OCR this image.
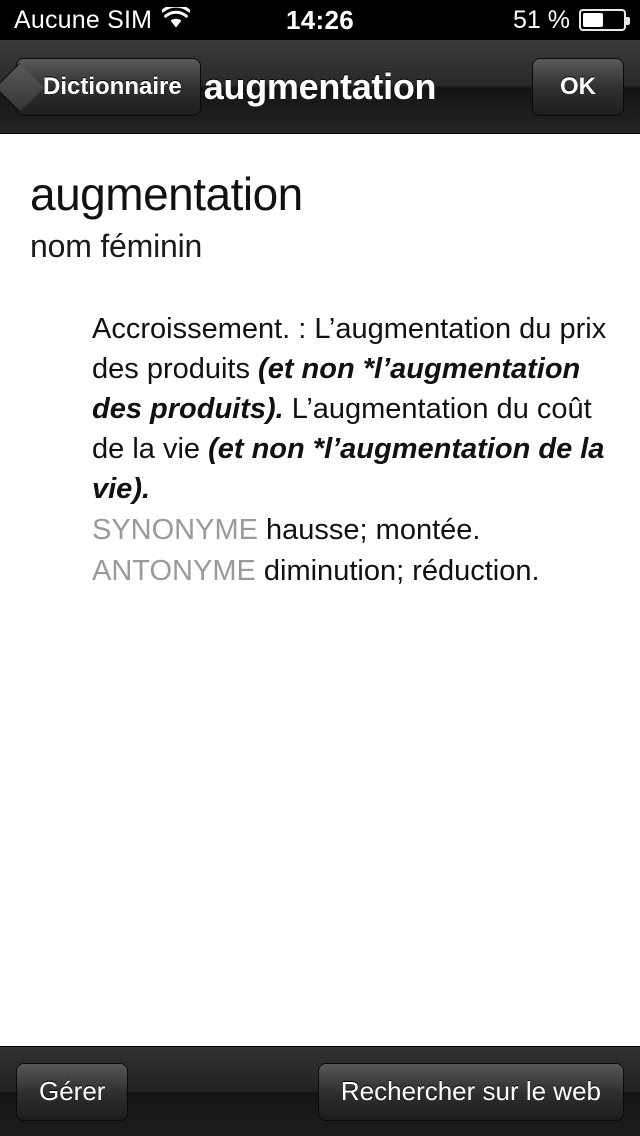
Aucune SIM	14:26	51 %
Dictionnaire augmentation	OK
augmentation
nom féminin
Accroissement. : L’augmentation du prix des produits (et non *l’augmentation des produits). L’augmentation du coût de la vie (et non *l’augmentation de la vie).
SYNONYME hausse; montée.
ANTONYME diminution; réduction.
Gérer	Rechercher sur le web
